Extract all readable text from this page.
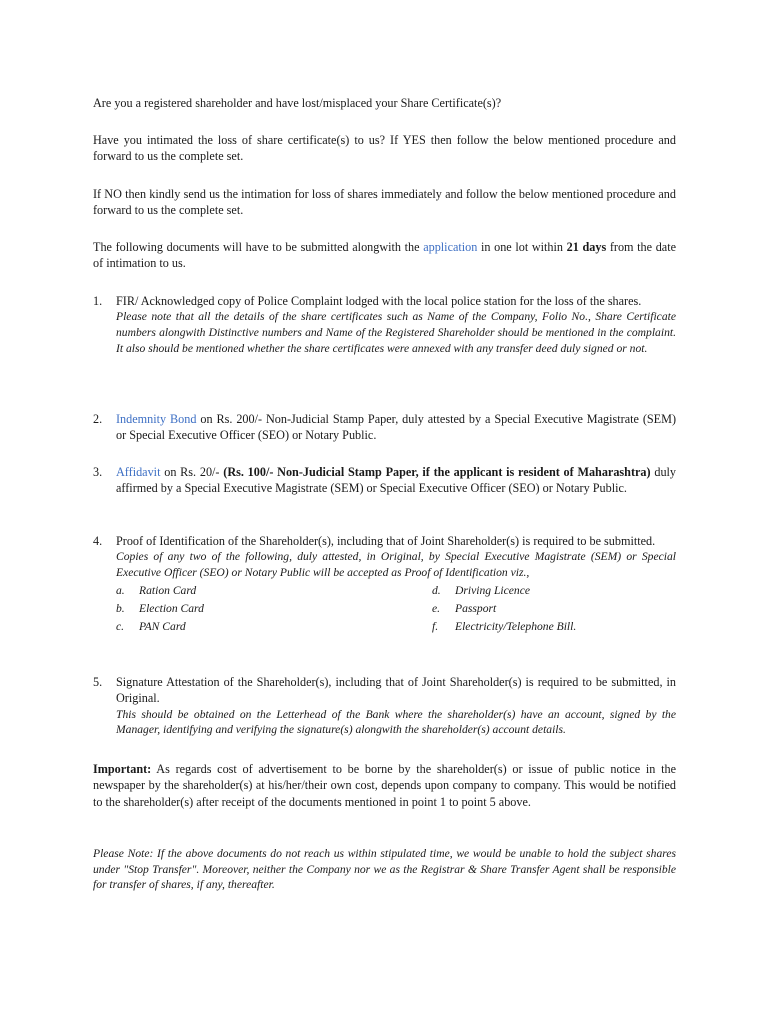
Are you a registered shareholder and have lost/misplaced your Share Certificate(s)?

Have you intimated the loss of share certificate(s) to us? If YES then follow the below mentioned procedure and forward to us the complete set.

If NO then kindly send us the intimation for loss of shares immediately and follow the below mentioned procedure and forward to us the complete set.

The following documents will have to be submitted alongwith the application in one lot within 21 days from the date of intimation to us.

1.	FIR/ Acknowledged copy of Police Complaint lodged with the local police station for the loss of the shares.
Please note that all the details of the share certificates such as Name of the Company, Folio No., Share Certificate numbers alongwith Distinctive numbers and Name of the Registered Shareholder should be mentioned in the complaint. It also should be mentioned whether the share certificates were annexed with any transfer deed duly signed or not.
2.	Indemnity Bond on Rs. 200/- Non-Judicial Stamp Paper, duly attested by a Special Executive Magistrate (SEM) or Special Executive Officer (SEO) or Notary Public.
3.	Affidavit on Rs. 20/- (Rs. 100/- Non-Judicial Stamp Paper, if the applicant is resident of Maharashtra) duly affirmed by a Special Executive Magistrate (SEM) or Special Executive Officer (SEO) or Notary Public.
4.	Proof of Identification of the Shareholder(s), including that of Joint Shareholder(s) is required to be submitted.
Copies of any two of the following, duly attested, in Original, by Special Executive Magistrate (SEM) or Special Executive Officer (SEO) or Notary Public will be accepted as Proof of Identification viz.,
a. Ration Card	d. Driving Licence
b. Election Card	e. Passport
c. PAN Card	f. Electricity/Telephone Bill.
5.	Signature Attestation of the Shareholder(s), including that of Joint Shareholder(s) is required to be submitted, in Original.
This should be obtained on the Letterhead of the Bank where the shareholder(s) have an account, signed by the Manager, identifying and verifying the signature(s) alongwith the shareholder(s) account details.

Important: As regards cost of advertisement to be borne by the shareholder(s) or issue of public notice in the newspaper by the shareholder(s) at his/her/their own cost, depends upon company to company. This would be notified to the shareholder(s) after receipt of the documents mentioned in point 1 to point 5 above.

Please Note: If the above documents do not reach us within stipulated time, we would be unable to hold the subject shares under "Stop Transfer". Moreover, neither the Company nor we as the Registrar & Share Transfer Agent shall be responsible for transfer of shares, if any, thereafter.
